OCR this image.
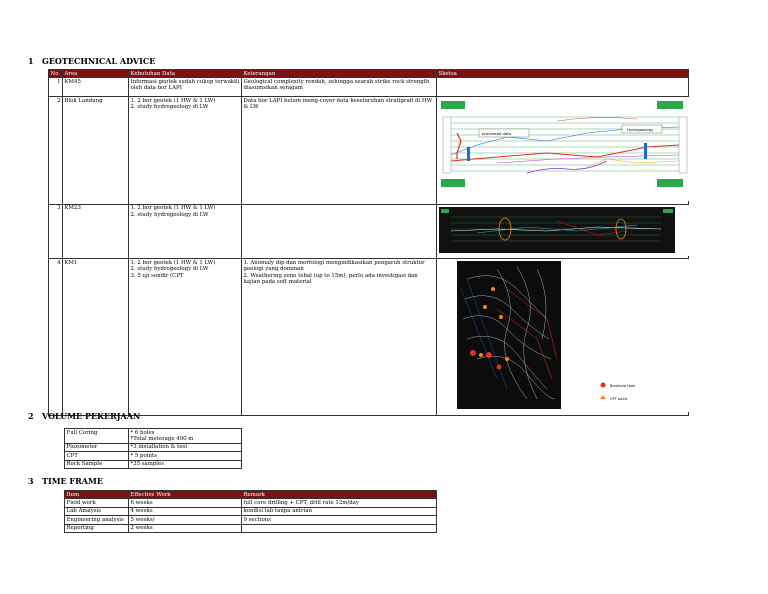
1 GEOTECHNICAL ADVICE
No	Area	Kebutuhan Data	Keterangan	Sketsa
1	KM45	Informasi geotek sudah cukup terwakili oleh data bor LAPI	Geological complexity rendah, sehingga searah strike rock strength diasumsikan seragam	
2	Blok Landung	1. 2 bor geotek (1 HW & 1 LW)
2. study hydrogeology di LW	Data bor LAPI belum meng-cover data keseluruhan stratigrafi di HW & LW	processed data
Hydrogeology

3	KM23	1. 2 bor geotek (1 HW & 1 LW)
2. study hydrogeology di LW		
4	KM1	1. 2 bor geotek (1 HW & 1 LW)
2. study hydrogeology di LW
3. 5 uji sondir (CPT	1. Anomaly dip dan morfologi mengindikasikan pengaruh struktur geologi yang dominan
2. Weathering zone tebal (up to 15m), perlu ada investigasi dan kajian pada soft material	Borehole Hole
CPT point
2 VOLUME PEKERJAAN
Full Coring	* 6 holes
*Total meterage 400 m
Piezometer	*3 installation & test
CPT	* 5 points
Rock Sample	*35 samples
3 TIME FRAME
Item	Effective Work	Remark
Field work	6 weeks	full core drilling + CPT, drill rate 12m/day
Lab Analysis	4 weeks	kondisi lab tanpa antrian
Engineering analysis	5 weeks/	9 sections
Reporting	2 weeks	
